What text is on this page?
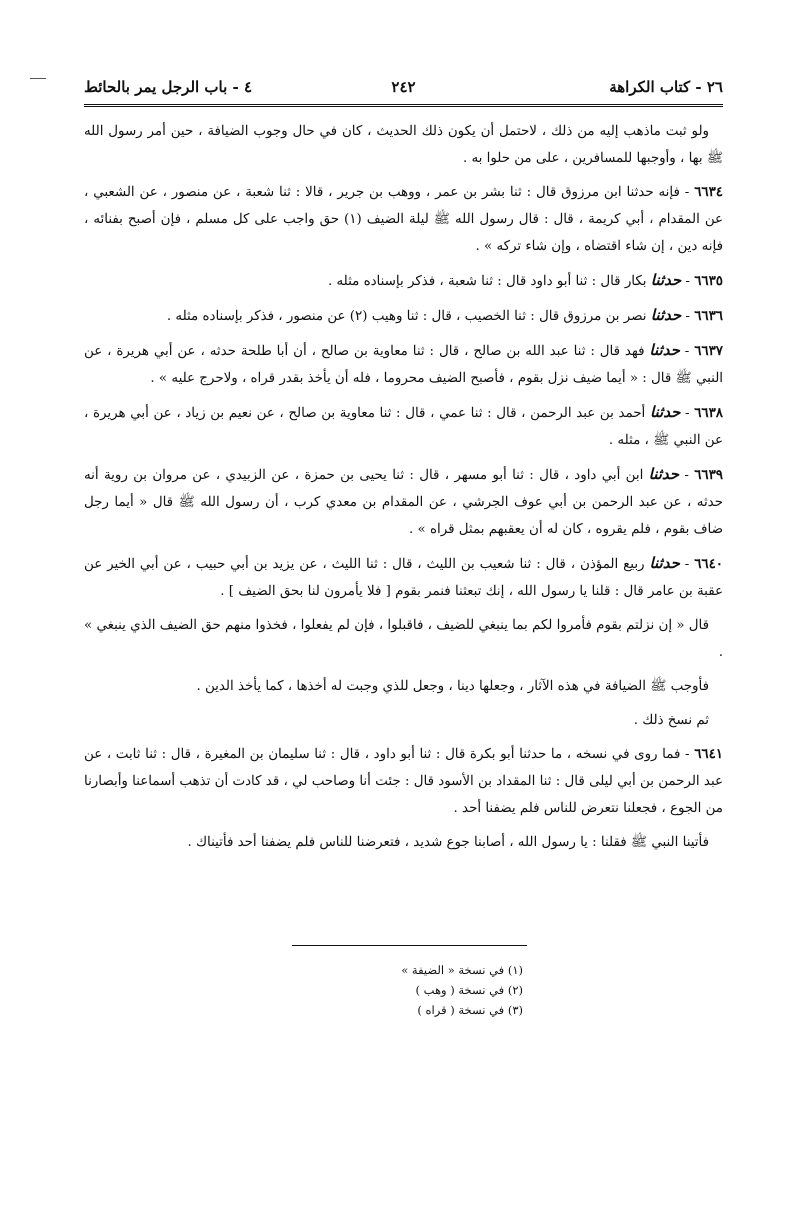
٢٦ - كتاب الكراهة
٢٤٢
٤ - باب الرجل يمر بالحائط

ولو ثبت ماذهب إليه من ذلك ، لاحتمل أن يكون ذلك الحديث ، كان في حال وجوب الضيافة ، حين أمر رسول الله ﷺ بها ، وأوجبها للمسافرين ، على من حلوا به .

٦٦٣٤ - فإنه حدثنا ابن مرزوق قال : ثنا بشر بن عمر ، ووهب بن جرير ، قالا : ثنا شعبة ، عن منصور ، عن الشعبي ، عن المقدام ، أبي كريمة ، قال : قال رسول الله ﷺ ليلة الضيف (١) حق واجب على كل مسلم ، فإن أصبح بفنائه ، فإنه دين ، إن شاء اقتضاه ، وإن شاء تركه » .

٦٦٣٥ - حدثنا بكار قال : ثنا أبو داود قال : ثنا شعبة ، فذكر بإسناده مثله .

٦٦٣٦ - حدثنا نصر بن مرزوق قال : ثنا الخصيب ، قال : ثنا وهيب (٢) عن منصور ، فذكر بإسناده مثله .

٦٦٣٧ - حدثنا فهد قال : ثنا عبد الله بن صالح ، قال : ثنا معاوية بن صالح ، أن أبا طلحة حدثه ، عن أبي هريرة ، عن النبي ﷺ قال : « أيما ضيف نزل بقوم ، فأصبح الضيف محروما ، فله أن يأخذ بقدر قراه ، ولاحرج عليه » .

٦٦٣٨ - حدثنا أحمد بن عبد الرحمن ، قال : ثنا عمي ، قال : ثنا معاوية بن صالح ، عن نعيم بن زياد ، عن أبي هريرة ، عن النبي ﷺ ، مثله .

٦٦٣٩ - حدثنا ابن أبي داود ، قال : ثنا أبو مسهر ، قال : ثنا يحيى بن حمزة ، عن الزبيدي ، عن مروان بن روية أنه حدثه ، عن عبد الرحمن بن أبي عوف الجرشي ، عن المقدام بن معدي كرب ، أن رسول الله ﷺ قال « أيما رجل ضاف بقوم ، فلم يقروه ، كان له أن يعقبهم بمثل قراه » .

٦٦٤٠ - حدثنا ربيع المؤذن ، قال : ثنا شعيب بن الليث ، قال : ثنا الليث ، عن يزيد بن أبي حبيب ، عن أبي الخير عن عقبة بن عامر قال : قلنا يا رسول الله ، إنك تبعثنا فنمر بقوم [ فلا يأمرون لنا بحق الضيف ] .

قال « إن نزلتم بقوم فأمروا لكم بما ينبغي للضيف ، فاقبلوا ، فإن لم يفعلوا ، فخذوا منهم حق الضيف الذي ينبغي » .

فأوجب ﷺ الضيافة في هذه الآثار ، وجعلها دينا ، وجعل للذي وجبت له أخذها ، كما يأخذ الدين .

ثم نسخ ذلك .

٦٦٤١ - فما روى في نسخه ، ما حدثنا أبو بكرة قال : ثنا أبو داود ، قال : ثنا سليمان بن المغيرة ، قال : ثنا ثابت ، عن عبد الرحمن بن أبي ليلى قال : ثنا المقداد بن الأسود قال : جئت أنا وصاحب لي ، قد كادت أن تذهب أسماعنا وأبصارنا من الجوع ، فجعلنا نتعرض للناس فلم يضفنا أحد .

فأتينا النبي ﷺ فقلنا : يا رسول الله ، أصابنا جوع شديد ، فتعرضنا للناس فلم يضفنا أحد فأتيناك .

(١) في نسخة « الضيفة »
(٢) في نسخة ( وهب )
(٣) في نسخة ( قراه )
